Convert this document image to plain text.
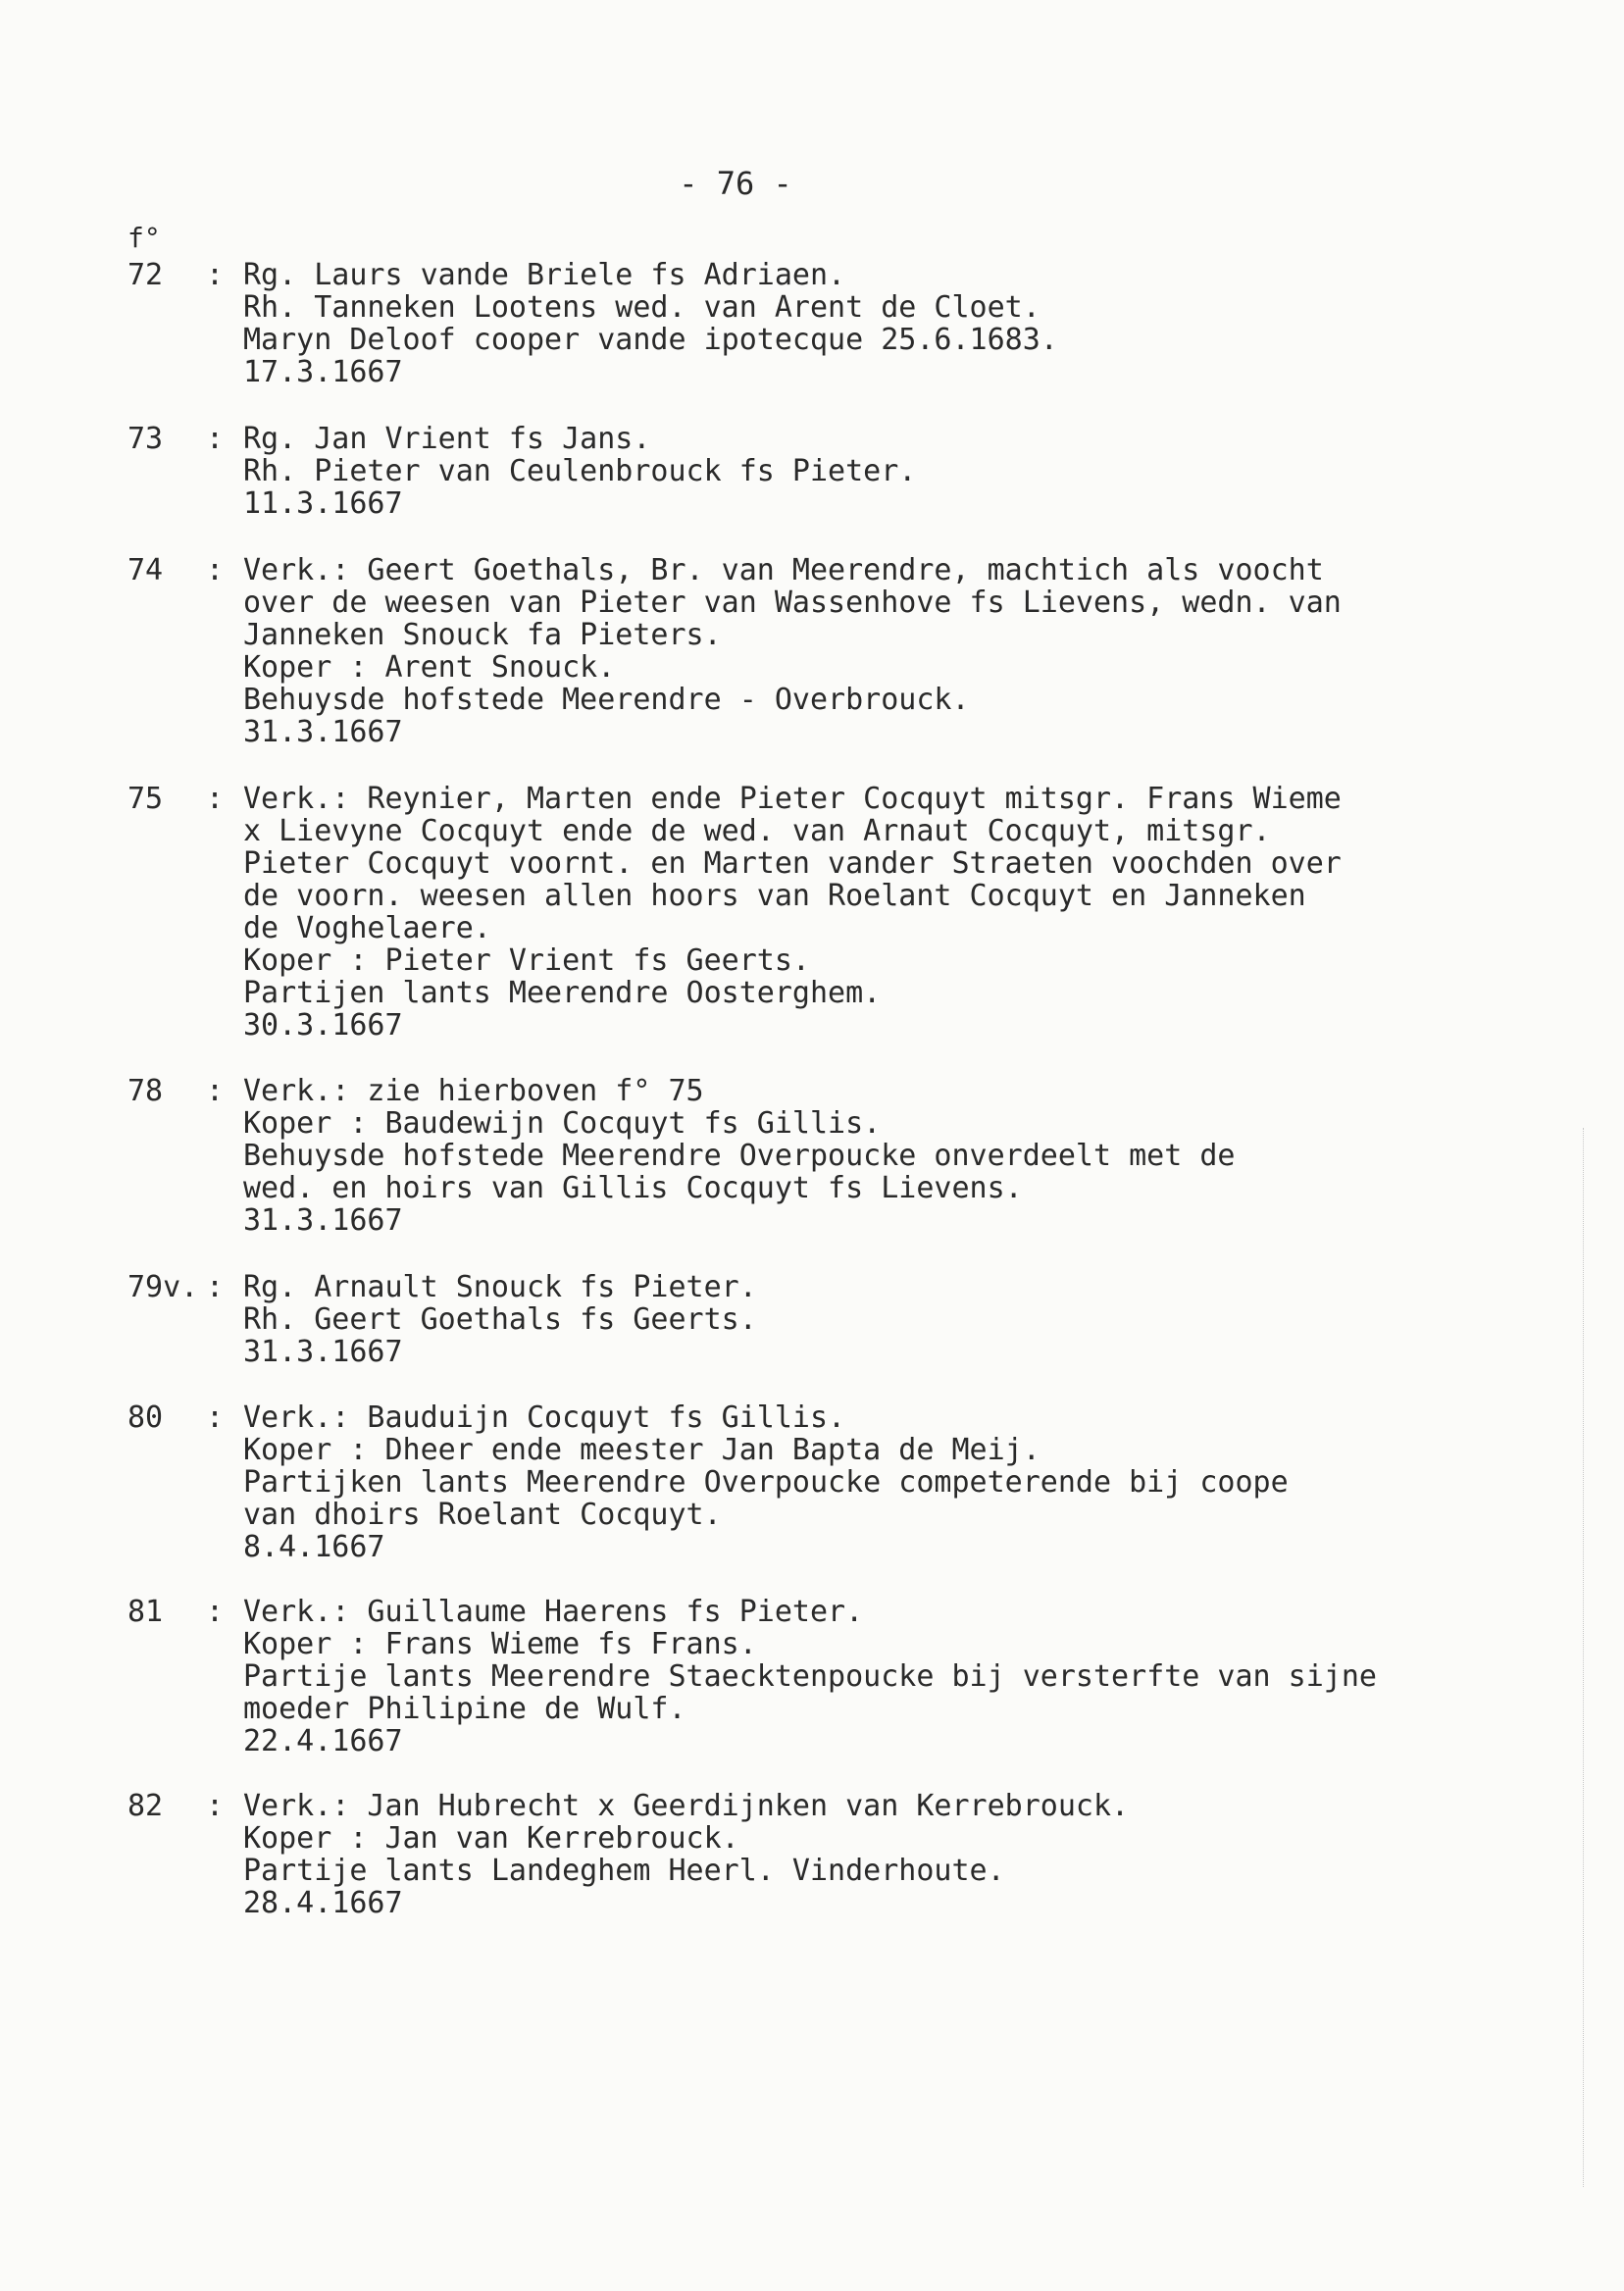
- 76 -
f°
72	: Rg. Laurs vande Briele fs Adriaen.
Rh. Tanneken Lootens wed. van Arent de Cloet.
Maryn Deloof cooper vande ipotecque 25.6.1683.
17.3.1667
73	: Rg. Jan Vrient fs Jans.
Rh. Pieter van Ceulenbrouck fs Pieter.
11.3.1667
74	: Verk.: Geert Goethals, Br. van Meerendre, machtich als voocht
over de weesen van Pieter van Wassenhove fs Lievens, wedn. van
Janneken Snouck fa Pieters.
Koper : Arent Snouck.
Behuysde hofstede Meerendre - Overbrouck.
31.3.1667
75	: Verk.: Reynier, Marten ende Pieter Cocquyt mitsgr. Frans Wieme
x Lievyne Cocquyt ende de wed. van Arnaut Cocquyt, mitsgr.
Pieter Cocquyt voornt. en Marten vander Straeten voochden over
de voorn. weesen allen hoors van Roelant Cocquyt en Janneken
de Voghelaere.
Koper : Pieter Vrient fs Geerts.
Partijen lants Meerendre Oosterghem.
30.3.1667
78	: Verk.: zie hierboven f° 75
Koper : Baudewijn Cocquyt fs Gillis.
Behuysde hofstede Meerendre Overpoucke onverdeelt met de
wed. en hoirs van Gillis Cocquyt fs Lievens.
31.3.1667
79v. : Rg. Arnault Snouck fs Pieter.
Rh. Geert Goethals fs Geerts.
31.3.1667
80	: Verk.: Bauduijn Cocquyt fs Gillis.
Koper : Dheer ende meester Jan Bapta de Meij.
Partijken lants Meerendre Overpoucke competerende bij coope
van dhoirs Roelant Cocquyt.
8.4.1667
81	: Verk.: Guillaume Haerens fs Pieter.
Koper : Frans Wieme fs Frans.
Partije lants Meerendre Staecktenpoucke bij versterfte van sijne
moeder Philipine de Wulf.
22.4.1667
82	: Verk.: Jan Hubrecht x Geerdijnken van Kerrebrouck.
Koper : Jan van Kerrebrouck.
Partije lants Landeghem Heerl. Vinderhoute.
28.4.1667
